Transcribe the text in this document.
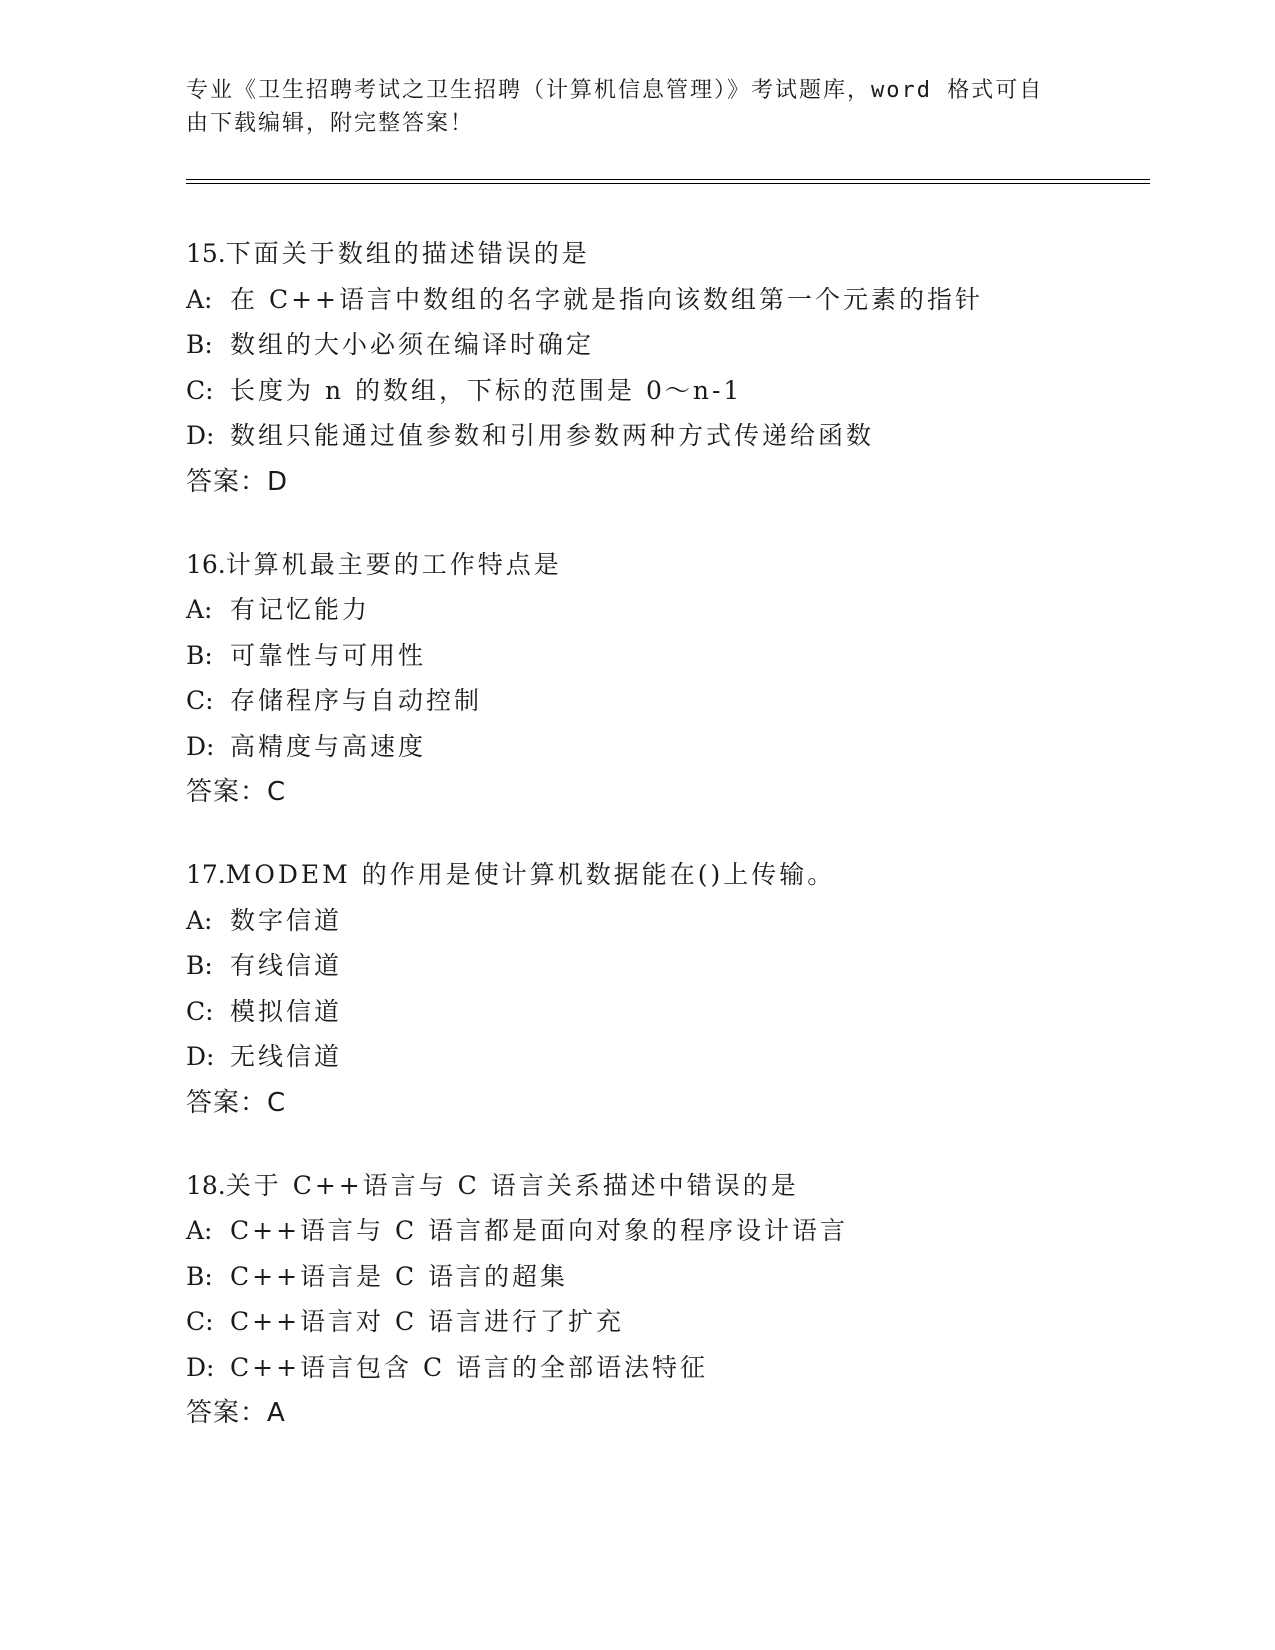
专业《卫生招聘考试之卫生招聘（计算机信息管理）》考试题库，word 格式可自
由下载编辑，附完整答案！
15.下面关于数组的描述错误的是
A: 在 C++语言中数组的名字就是指向该数组第一个元素的指针
B: 数组的大小必须在编译时确定
C: 长度为 n 的数组，下标的范围是 0～n-1
D: 数组只能通过值参数和引用参数两种方式传递给函数
答案：D
16.计算机最主要的工作特点是
A: 有记忆能力
B: 可靠性与可用性
C: 存储程序与自动控制
D: 高精度与高速度
答案：C
17.MODEM 的作用是使计算机数据能在()上传输。
A: 数字信道
B: 有线信道
C: 模拟信道
D: 无线信道
答案：C
18.关于 C++语言与 C 语言关系描述中错误的是
A: C++语言与 C 语言都是面向对象的程序设计语言
B: C++语言是 C 语言的超集
C: C++语言对 C 语言进行了扩充
D: C++语言包含 C 语言的全部语法特征
答案：A
